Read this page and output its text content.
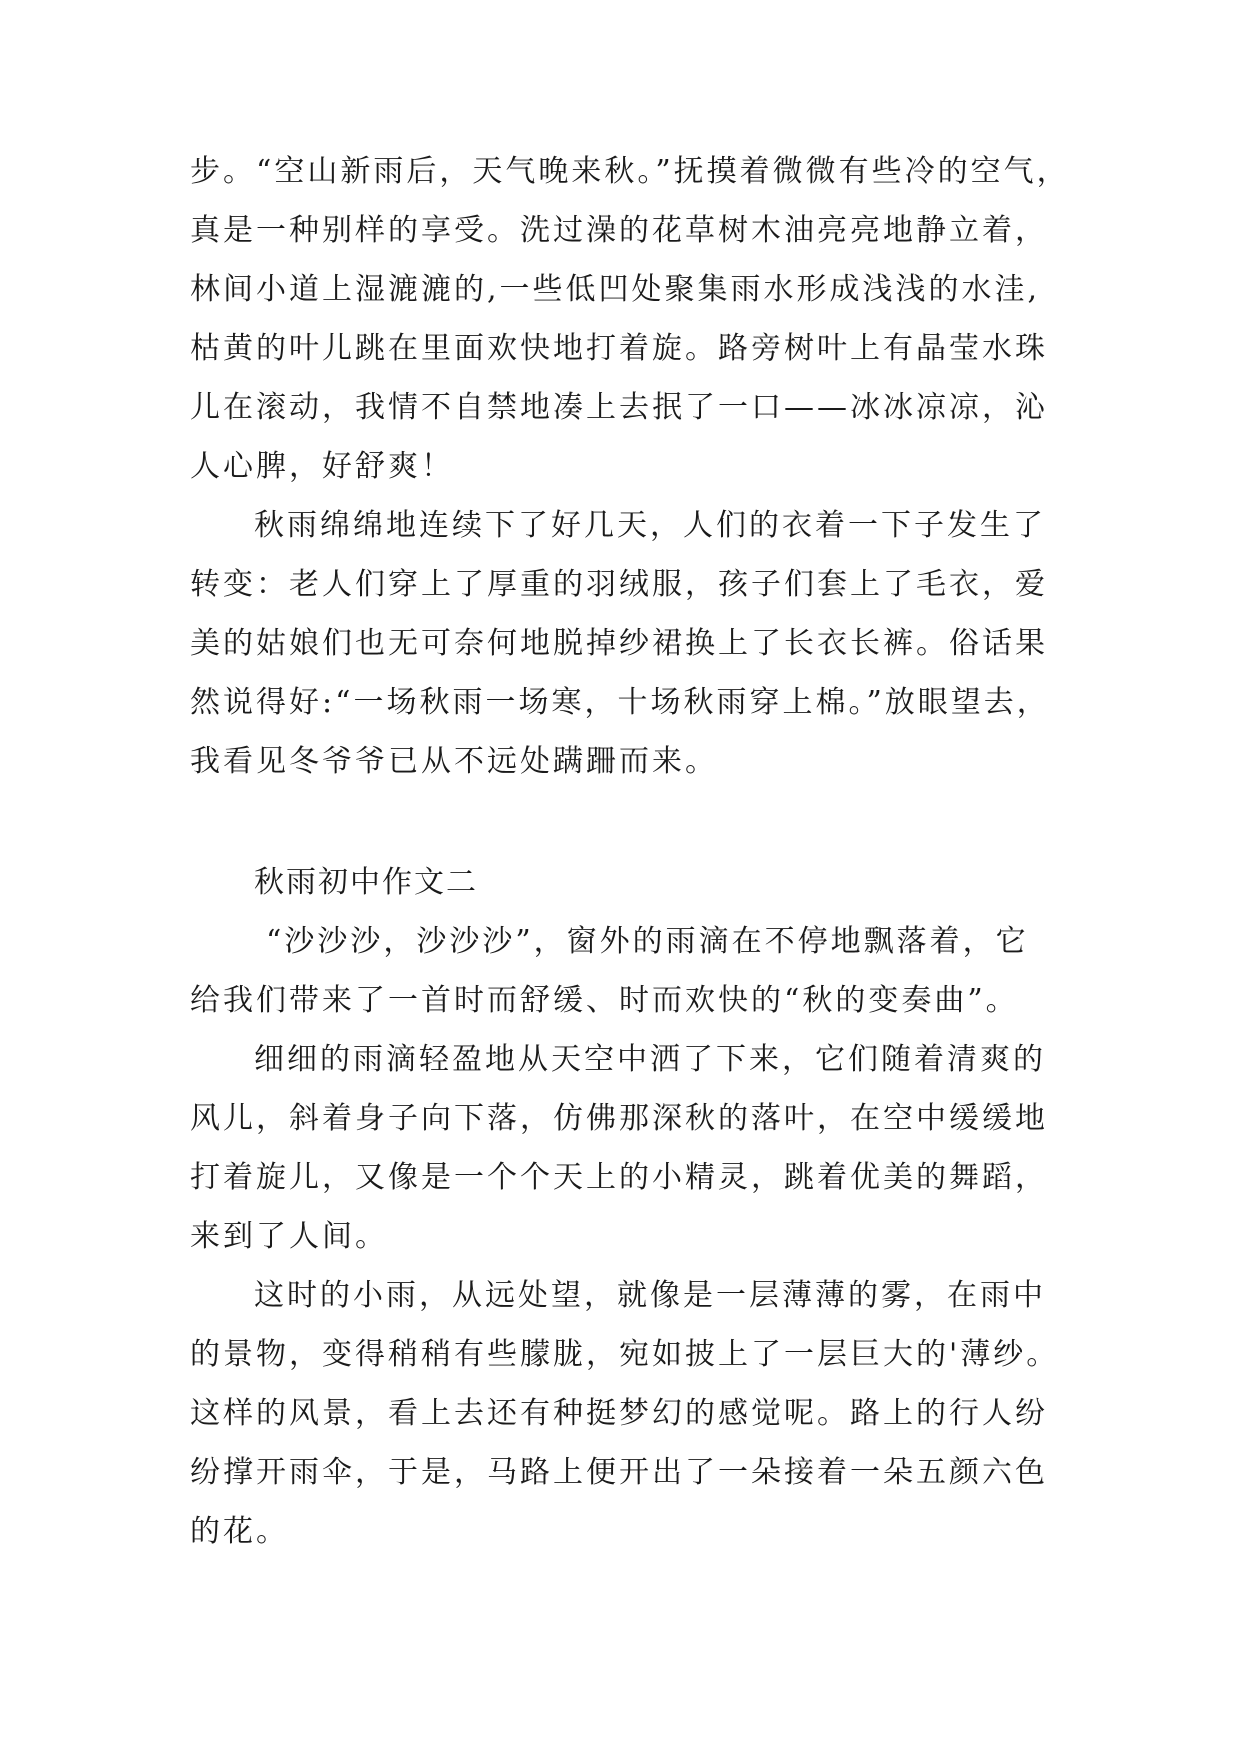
步。“空山新雨后，天气晚来秋。”抚摸着微微有些冷的空气，
真是一种别样的享受。洗过澡的花草树木油亮亮地静立着，
林间小道上湿漉漉的,一些低凹处聚集雨水形成浅浅的水洼,
枯黄的叶儿跳在里面欢快地打着旋。路旁树叶上有晶莹水珠
儿在滚动，我情不自禁地凑上去抿了一口——冰冰凉凉，沁
人心脾，好舒爽！
秋雨绵绵地连续下了好几天，人们的衣着一下子发生了
转变：老人们穿上了厚重的羽绒服，孩子们套上了毛衣，爱
美的姑娘们也无可奈何地脱掉纱裙换上了长衣长裤。俗话果
然说得好:“一场秋雨一场寒，十场秋雨穿上棉。”放眼望去，
我看见冬爷爷已从不远处蹒跚而来。
秋雨初中作文二
“沙沙沙，沙沙沙”，窗外的雨滴在不停地飘落着，它
给我们带来了一首时而舒缓、时而欢快的“秋的变奏曲”。
细细的雨滴轻盈地从天空中洒了下来，它们随着清爽的
风儿，斜着身子向下落，仿佛那深秋的落叶，在空中缓缓地
打着旋儿，又像是一个个天上的小精灵，跳着优美的舞蹈，
来到了人间。
这时的小雨，从远处望，就像是一层薄薄的雾，在雨中
的景物，变得稍稍有些朦胧，宛如披上了一层巨大的'薄纱。
这样的风景，看上去还有种挺梦幻的感觉呢。路上的行人纷
纷撑开雨伞，于是，马路上便开出了一朵接着一朵五颜六色
的花。
